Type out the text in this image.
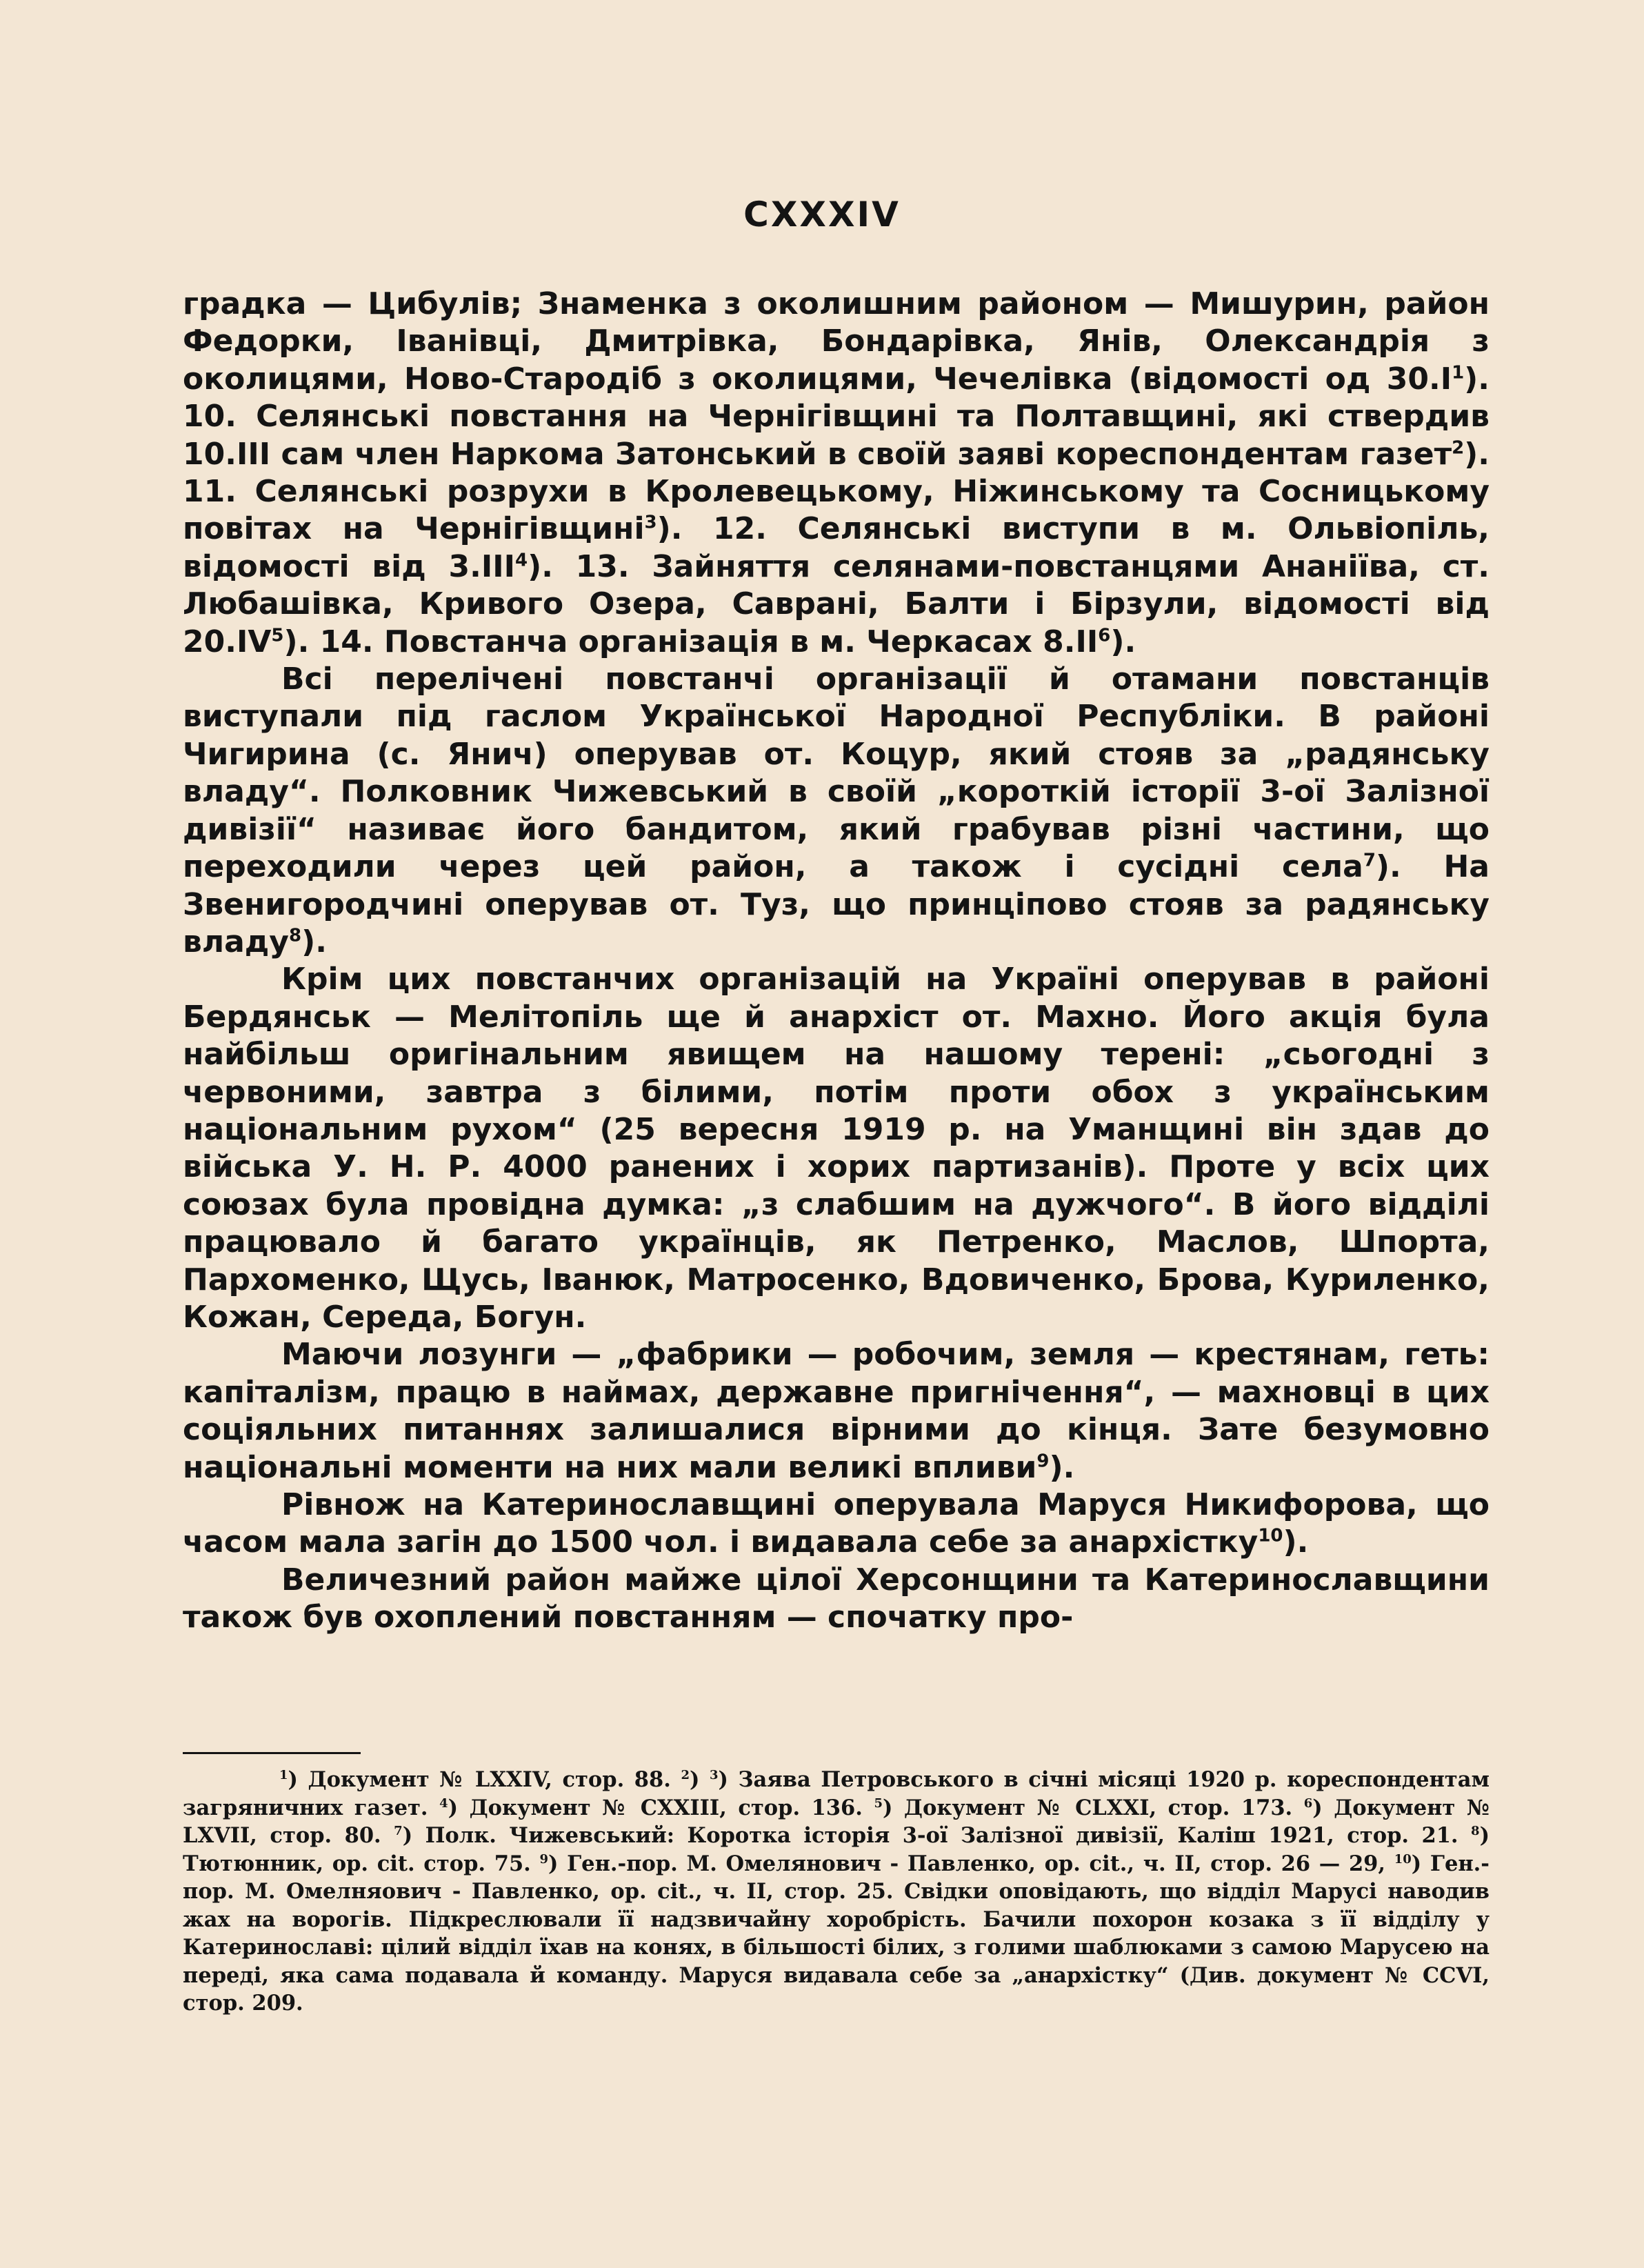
CXXXIV

градка — Цибулів; Знаменка з околишним районом — Мишурин, район Федорки, Іванівці, Дмитрівка, Бондарівка, Янів, Олександрія з околицями, Ново-Стародіб з околицями, Чечелівка (відомості од $30.I^1$). 10. Селянські повстання на Чернігівщині та Полтавщині, які ствердив 10.III сам член Наркома Затонський в своїй заяві кореспондентам газет$^2$). 11. Селянські розрухи в Кролевецькому, Ніжинському та Сосницькому повітах на Чернігівщині$^3$). 12. Селянські виступи в м. Ольвіопіль, відомості від 3.III$^4$). 13. Зайняття селянами-повстанцями Ананіїва, ст. Любашівка, Кривого Озера, Саврані, Балти і Бірзули, відомості від $20.IV^5$). 14. Повстанча організація в м. Черкасах $8.II^6$).

Всі перелічені повстанчі організації й отамани повстанців виступали під гаслом Української Народної Республіки. В районі Чигирина (с. Янич) оперував от. Коцур, який стояв за „радянську владу“. Полковник Чижевський в своїй „короткій історії 3-ої Залізної дивізії“ називає його бандитом, який грабував різні частини, що переходили через цей район, а також і сусідні села$^7$). На Звенигородчині оперував от. Туз, що принціпово стояв за радянську владу$^8$).

Крім цих повстанчих організацій на Україні оперував в районі Бердянськ — Мелітопіль ще й анархіст от. Махно. Його акція була найбільш оригінальним явищем на нашому терені: „сьогодні з червоними, завтра з білими, потім проти обох з українським національним рухом“ (25 вересня 1919 р. на Уманщині він здав до війська У. Н. Р. 4000 ранених і хорих партизанів). Проте у всіх цих союзах була провідна думка: „з слабшим на дужчого“. В його відділі працювало й багато українців, як Петренко, Маслов, Шпорта, Пархоменко, Щусь, Іванюк, Матросенко, Вдовиченко, Брова, Куриленко, Кожан, Середа, Богун.

Маючи лозунги — „фабрики — робочим, земля — крестянам, геть: капіталізм, працю в наймах, державне пригнічення“, — махновці в цих соціяльних питаннях залишалися вірними до кінця. Зате безумовно національні моменти на них мали великі впливи$^9$).

Рівнож на Катеринославщині оперувала Маруся Никифорова, що часом мала загін до 1500 чол. і видавала себе за анархістку$^{10}$).

Величезний район майже цілої Херсонщини та Катеринославщини також був охоплений повстанням — спочатку про-

$^1$) Документ № LXXIV, стор. 88. $^2$) $^3$) Заява Петровського в січні місяці 1920 р. кореспондентам загряничних газет. $^4$) Документ № CXXIII, стор. 136. $^5$) Документ № CLXXI, стор. 173. $^6$) Документ № LXVII, стор. 80. $^7$) Полк. Чижевський: Коротка історія 3-ої Залізної дивізії, Каліш 1921, стор. 21. $^8$) Тютюнник, op. cit. стор. 75. $^9$) Ген.-пор. М. Омелянович - Павленко, op. cit., ч. II, стор. 26 — 29, $^{10}$) Ген.-пор. М. Омелняович - Павленко, op. cit., ч. II, стор. 25. Свідки оповідають, що відділ Марусі наводив жах на ворогів. Підкреслювали її надзвичайну хоробрість. Бачили похорон козака з її відділу у Катеринославі: цілий відділ їхав на конях, в більшості білих, з голими шаблюками з самою Марусею на переді, яка сама подавала й команду. Маруся видавала себе за „анархістку“ (Див. документ № CCVI, стор. 209.
